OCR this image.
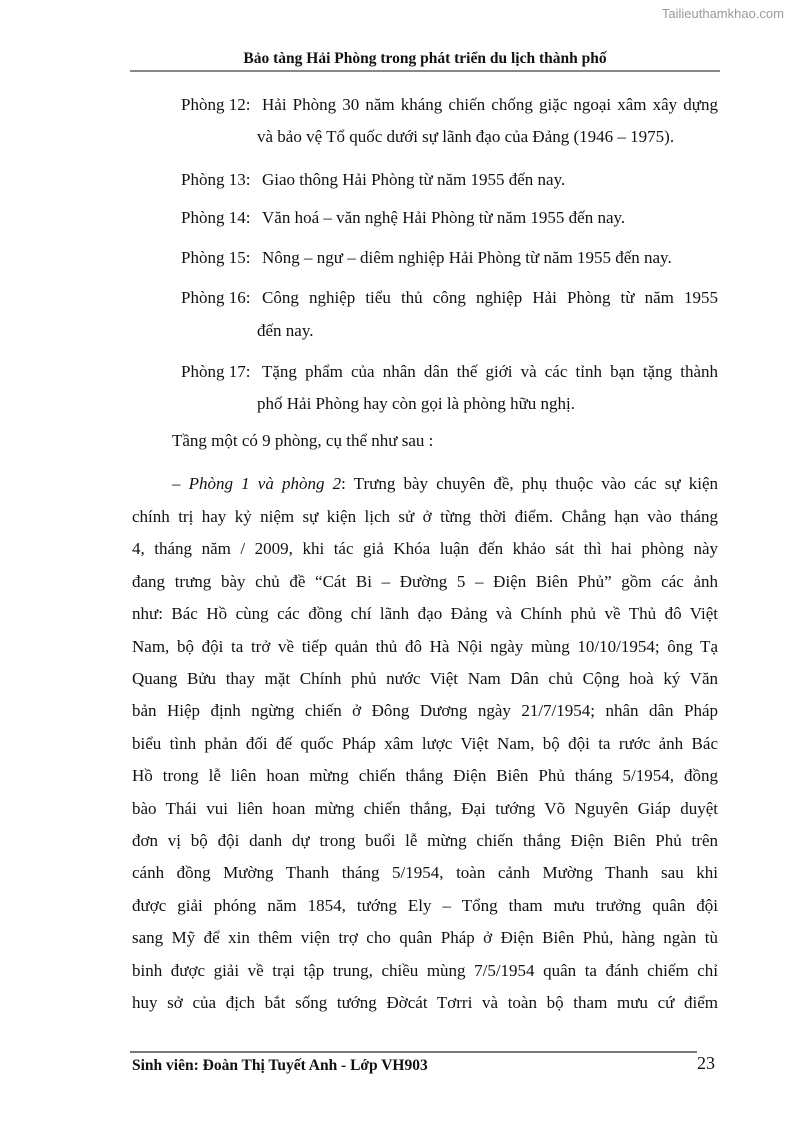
Tailieuthamkhao.com
Bảo tàng Hải Phòng trong phát triển du lịch thành phố
Phòng 12: Hải Phòng 30 năm kháng chiến chống giặc ngoại xâm xây dựng
và bảo vệ Tổ quốc dưới sự lãnh đạo của Đảng (1946 – 1975).
Phòng 13: Giao thông Hải Phòng từ năm 1955 đến nay.
Phòng 14: Văn hoá – văn nghệ Hải Phòng từ năm 1955 đến nay.
Phòng 15: Nông – ngư – diêm nghiệp Hải Phòng từ năm 1955 đến nay.
Phòng 16: Công nghiệp tiểu thủ công nghiệp Hải Phòng từ năm 1955
đến nay.
Phòng 17: Tặng phẩm của nhân dân thế giới và các tỉnh bạn tặng thành
phố Hải Phòng hay còn gọi là phòng hữu nghị.
Tầng một có 9 phòng, cụ thể như sau :
– Phòng 1 và phòng 2: Trưng bày chuyên đề, phụ thuộc vào các sự kiện
chính trị hay kỷ niệm sự kiện lịch sử ở từng thời điểm. Chẳng hạn vào tháng
4, tháng năm / 2009, khi tác giả Khóa luận đến khảo sát thì hai phòng này
đang trưng bày chủ đề “Cát Bi – Đường 5 – Điện Biên Phủ” gồm các ảnh
như: Bác Hồ cùng các đồng chí lãnh đạo Đảng và Chính phủ về Thủ đô Việt
Nam, bộ đội ta trở về tiếp quản thủ đô Hà Nội ngày mùng 10/10/1954; ông Tạ
Quang Bửu thay mặt Chính phủ nước Việt Nam Dân chủ Cộng hoà ký Văn
bản Hiệp định ngừng chiến ở Đông Dương ngày 21/7/1954; nhân dân Pháp
biểu tình phản đối đế quốc Pháp xâm lược Việt Nam, bộ đội ta rước ảnh Bác
Hồ trong lễ liên hoan mừng chiến thắng Điện Biên Phủ tháng 5/1954, đồng
bào Thái vui liên hoan mừng chiến thắng, Đại tướng Võ Nguyên Giáp duyệt
đơn vị bộ đội danh dự trong buổi lễ mừng chiến thắng Điện Biên Phủ trên
cánh đồng Mường Thanh tháng 5/1954, toàn cảnh Mường Thanh sau khi
được giải phóng năm 1854, tướng Ely – Tổng tham mưu trưởng quân đội
sang Mỹ để xin thêm viện trợ cho quân Pháp ở Điện Biên Phủ, hàng ngàn tù
binh được giải về trại tập trung, chiều mùng 7/5/1954 quân ta đánh chiếm chỉ
huy sở của địch bắt sống tướng Đờcát Tơrri và toàn bộ tham mưu cứ điểm
Sinh viên: Đoàn Thị Tuyết Anh - Lớp VH903	23
